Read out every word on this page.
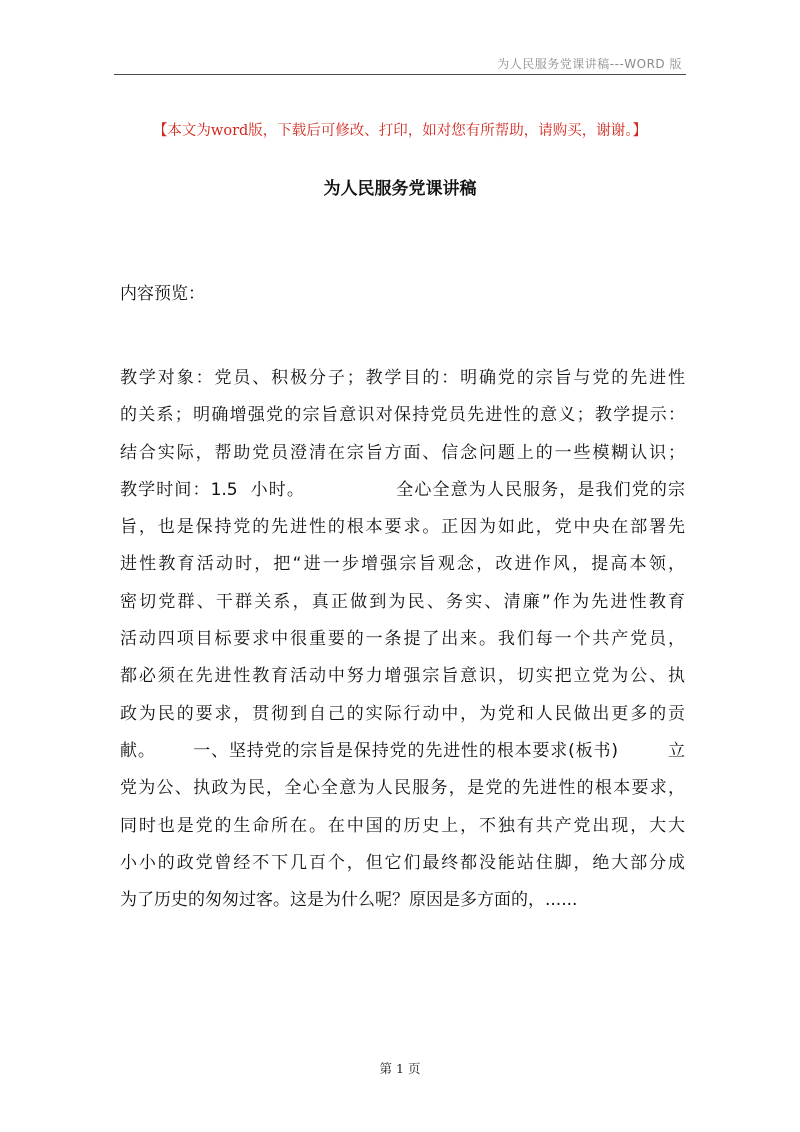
为人民服务党课讲稿---WORD 版
【本文为word版，下载后可修改、打印，如对您有所帮助，请购买，谢谢。】
为人民服务党课讲稿
内容预览：
教学对象：党员、积极分子；教学目的：明确党的宗旨与党的先进性
的关系；明确增强党的宗旨意识对保持党员先进性的意义；教学提示：
结合实际，帮助党员澄清在宗旨方面、信念问题上的一些模糊认识；
教学时间：1.5  小时。              全心全意为人民服务，是我们党的宗
旨，也是保持党的先进性的根本要求。正因为如此，党中央在部署先
进性教育活动时，把“进一步增强宗旨观念，改进作风，提高本领，
密切党群、干群关系，真正做到为民、务实、清廉”作为先进性教育
活动四项目标要求中很重要的一条提了出来。我们每一个共产党员，
都必须在先进性教育活动中努力增强宗旨意识，切实把立党为公、执
政为民的要求，贯彻到自己的实际行动中，为党和人民做出更多的贡
献。      一、坚持党的宗旨是保持党的先进性的根本要求(板书)        立
党为公、执政为民，全心全意为人民服务，是党的先进性的根本要求，
同时也是党的生命所在。在中国的历史上，不独有共产党出现，大大
小小的政党曾经不下几百个，但它们最终都没能站住脚，绝大部分成
为了历史的匆匆过客。这是为什么呢？原因是多方面的，......
第 1 页
